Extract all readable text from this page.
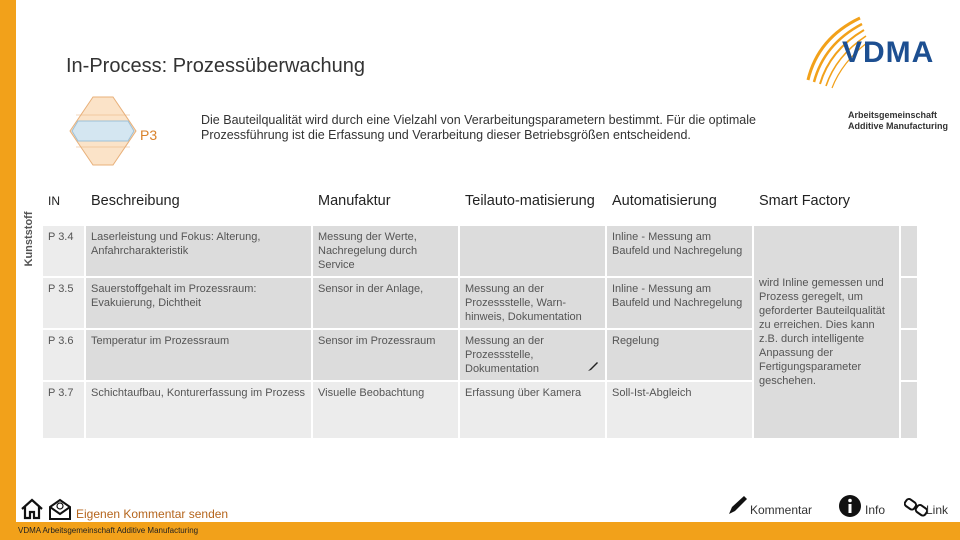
Kunststoff
In-Process: Prozessüberwachung	VDMA
Arbeitsgemeinschaft
Additive Manufacturing
P3
Die Bauteilqualität wird durch eine Vielzahl von Verarbeitungsparametern bestimmt. Für die optimale Prozessführung ist die Erfassung und Verarbeitung dieser Betriebsgrößen entscheidend.
IN	Beschreibung	Manufaktur	Teilauto-matisierung	Automatisierung	Smart Factory	
P 3.4	Laserleistung und Fokus: Alterung, Anfahrcharakteristik	Messung der Werte, Nachregelung durch Service		Inline - Messung am Baufeld und Nachregelung	wird Inline gemessen und Prozess geregelt, um geforderter Bauteilqualität zu erreichen. Dies kann z.B. durch intelligente Anpassung der Fertigungsparameter geschehen.	
P 3.5	Sauerstoffgehalt im Prozessraum: Evakuierung, Dichtheit	Sensor in der Anlage,	Messung an der Prozessstelle, Warn-hinweis, Dokumentation	Inline - Messung am Baufeld und Nachregelung		
P 3.6	Temperatur im Prozessraum	Sensor im Prozessraum	Messung an der Prozessstelle, Dokumentation	Regelung		
P 3.7	Schichtaufbau, Konturerfassung im Prozess	Visuelle Beobachtung	Erfassung über Kamera	Soll-Ist-Abgleich		
Eigenen Kommentar senden	Kommentar	Info	Link
VDMA Arbeitsgemeinschaft Additive Manufacturing
